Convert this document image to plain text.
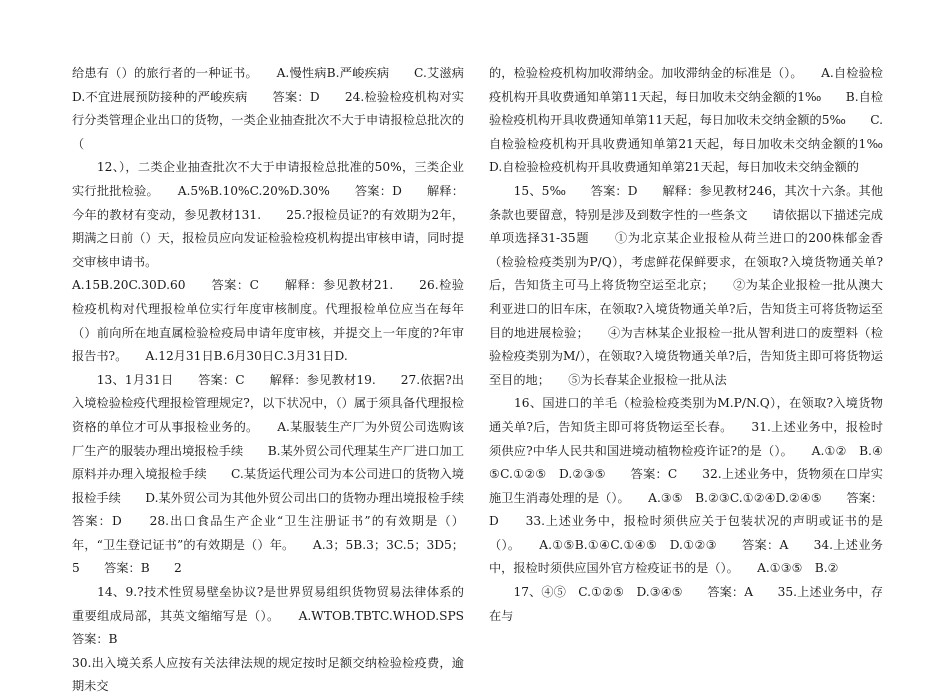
给患有（）的旅行者的一种证书。　　A.慢性病B.严峻疾病　　C.艾滋病D.不宜进展预防接种的严峻疾病　　答案：D　　24.检验检疫机构对实行分类管理企业出口的货物，一类企业抽查批次不大于申请报检总批次的（

　　12、），二类企业抽查批次不大于申请报检总批准的50%，三类企业实行批批检验。　　A.5%B.10%C.20%D.30%　　答案：D　　解释：今年的教材有变动，参见教材131.　　25.?报检员证?的有效期为2年，期满之日前（）天，报检员应向发证检验检疫机构提出审核申请，同时提交审核申请书。

A.15B.20C.30D.60　　答案：C　　解释：参见教材21.　　26.检验检疫机构对代理报检单位实行年度审核制度。代理报检单位应当在每年（）前向所在地直属检验检疫局申请年度审核，并提交上一年度的?年审报告书?。　　A.12月31日B.6月30日C.3月31日D.

　　13、1月31日　　答案：C　　解释：参见教材19.　　27.依据?出入境检验检疫代理报检管理规定?，以下状况中，（）属于须具备代理报检资格的单位才可从事报检业务的。　　A.某服装生产厂为外贸公司选购该厂生产的服装办理出境报检手续　　B.某外贸公司代理某生产厂进口加工原料并办理入境报检手续　　C.某货运代理公司为本公司进口的货物入境报检手续　　D.某外贸公司为其他外贸公司出口的货物办理出境报检手续　　答案：D　　28.出口食品生产企业“卫生注册证书”的有效期是（）年，“卫生登记证书”的有效期是（）年。　　A.3；5B.3；3C.5；3D5；5　　答案：B　　2

　　14、9.?技术性贸易壁垒协议?是世界贸易组织货物贸易法律体系的重要组成局部，其英文缩缩写是（）。　　A.WTOB.TBTC.WHOD.SPS　　答案：B

30.出入境关系人应按有关法律法规的规定按时足额交纳检验检疫费，逾期未交

的，检验检疫机构加收滞纳金。加收滞纳金的标准是（）。　　A.自检验检疫机构开具收费通知单第11天起，每日加收未交纳金额的1‰　　B.自检验检疫机构开具收费通知单第11天起，每日加收未交纳金额的5‰　　C.自检验检疫机构开具收费通知单第21天起，每日加收未交纳金额的1‰　　D.自检验检疫机构开具收费通知单第21天起，每日加收未交纳金额的

　　15、5‰　　答案：D　　解释：参见教材246，其次十六条。其他条款也要留意，特别是涉及到数字性的一些条文　　请依据以下描述完成单项选择31-35题　　①为北京某企业报检从荷兰进口的200株郁金香（检验检疫类别为P/Q），考虑鲜花保鲜要求，在领取?入境货物通关单?后，告知货主可马上将货物空运至北京；　　②为某企业报检一批从澳大利亚进口的旧车床，在领取?入境货物通关单?后，告知货主可将货物运至目的地进展检验；　　④为吉林某企业报检一批从智利进口的废塑料（检验检疫类别为M/），在领取?入境货物通关单?后，告知货主即可将货物运至目的地；　　⑤为长春某企业报检一批从法

　　16、国进口的羊毛（检验检疫类别为M.P/N.Q），在领取?入境货物通关单?后，告知货主即可将货物运至长春。　　31.上述业务中，报检时须供应?中华人民共和国进境动植物检疫许证?的是（）。　　A.①②　B.④⑤C.①②⑤　D.②③⑤　　答案：C　　32.上述业务中，货物须在口岸实施卫生消毒处理的是（）。　　A.③⑤　B.②③C.①②④D.②④⑤　　答案：D　　33.上述业务中，报检时须供应关于包装状况的声明或证书的是（）。　　A.①⑤B.①④C.①④⑤　D.①②③　　答案：A　　34.上述业务中，报检时须供应国外官方检疫证书的是（）。　　A.①③⑤　B.②

　　17、④⑤　C.①②⑤　D.③④⑤　　答案：A　　35.上述业务中，存在与
